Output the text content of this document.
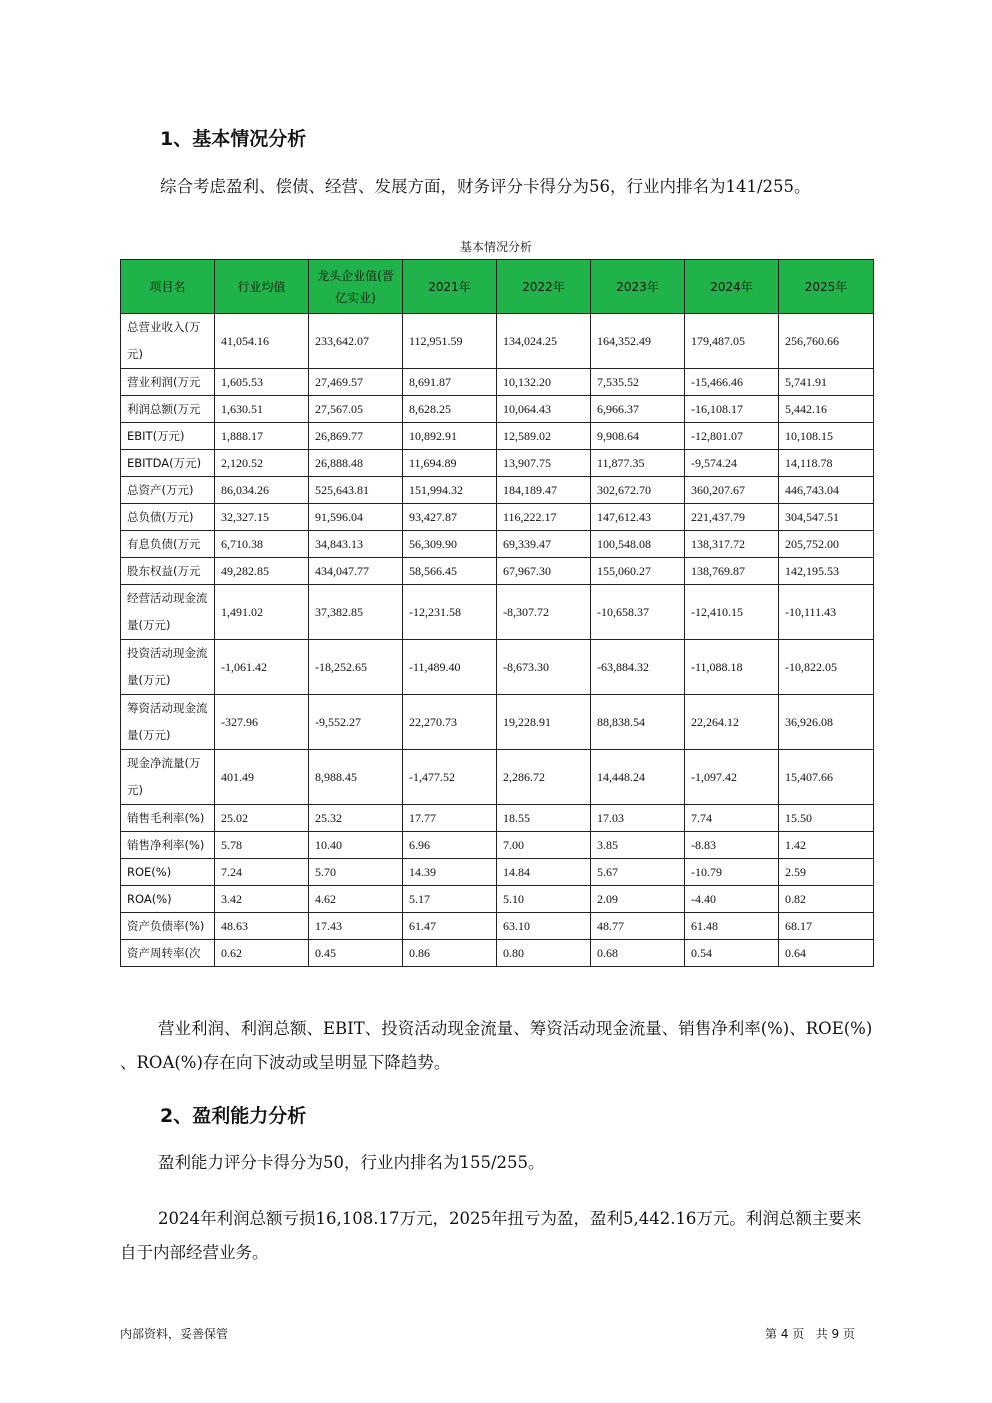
1、基本情况分析
综合考虑盈利、偿债、经营、发展方面，财务评分卡得分为56，行业内排名为141/255。
基本情况分析
项目名	行业均值	龙头企业值(晋亿实业)	2021年	2022年	2023年	2024年	2025年
总营业收入(万元)	41,054.16	233,642.07	112,951.59	134,024.25	164,352.49	179,487.05	256,760.66
营业利润(万元	1,605.53	27,469.57	8,691.87	10,132.20	7,535.52	-15,466.46	5,741.91
利润总额(万元	1,630.51	27,567.05	8,628.25	10,064.43	6,966.37	-16,108.17	5,442.16
EBIT(万元)	1,888.17	26,869.77	10,892.91	12,589.02	9,908.64	-12,801.07	10,108.15
EBITDA(万元)	2,120.52	26,888.48	11,694.89	13,907.75	11,877.35	-9,574.24	14,118.78
总资产(万元)	86,034.26	525,643.81	151,994.32	184,189.47	302,672.70	360,207.67	446,743.04
总负债(万元)	32,327.15	91,596.04	93,427.87	116,222.17	147,612.43	221,437.79	304,547.51
有息负债(万元	6,710.38	34,843.13	56,309.90	69,339.47	100,548.08	138,317.72	205,752.00
股东权益(万元	49,282.85	434,047.77	58,566.45	67,967.30	155,060.27	138,769.87	142,195.53
经营活动现金流量(万元)	1,491.02	37,382.85	-12,231.58	-8,307.72	-10,658.37	-12,410.15	-10,111.43
投资活动现金流量(万元)	-1,061.42	-18,252.65	-11,489.40	-8,673.30	-63,884.32	-11,088.18	-10,822.05
筹资活动现金流量(万元)	-327.96	-9,552.27	22,270.73	19,228.91	88,838.54	22,264.12	36,926.08
现金净流量(万元)	401.49	8,988.45	-1,477.52	2,286.72	14,448.24	-1,097.42	15,407.66
销售毛利率(%)	25.02	25.32	17.77	18.55	17.03	7.74	15.50
销售净利率(%)	5.78	10.40	6.96	7.00	3.85	-8.83	1.42
ROE(%)	7.24	5.70	14.39	14.84	5.67	-10.79	2.59
ROA(%)	3.42	4.62	5.17	5.10	2.09	-4.40	0.82
资产负债率(%)	48.63	17.43	61.47	63.10	48.77	61.48	68.17
资产周转率(次	0.62	0.45	0.86	0.80	0.68	0.54	0.64
营业利润、利润总额、EBIT、投资活动现金流量、筹资活动现金流量、销售净利率(%)、ROE(%)
、ROA(%)存在向下波动或呈明显下降趋势。
2、盈利能力分析
盈利能力评分卡得分为50，行业内排名为155/255。
2024年利润总额亏损16,108.17万元，2025年扭亏为盈，盈利5,442.16万元。利润总额主要来
自于内部经营业务。
内部资料，妥善保管	第 4 页   共 9 页
